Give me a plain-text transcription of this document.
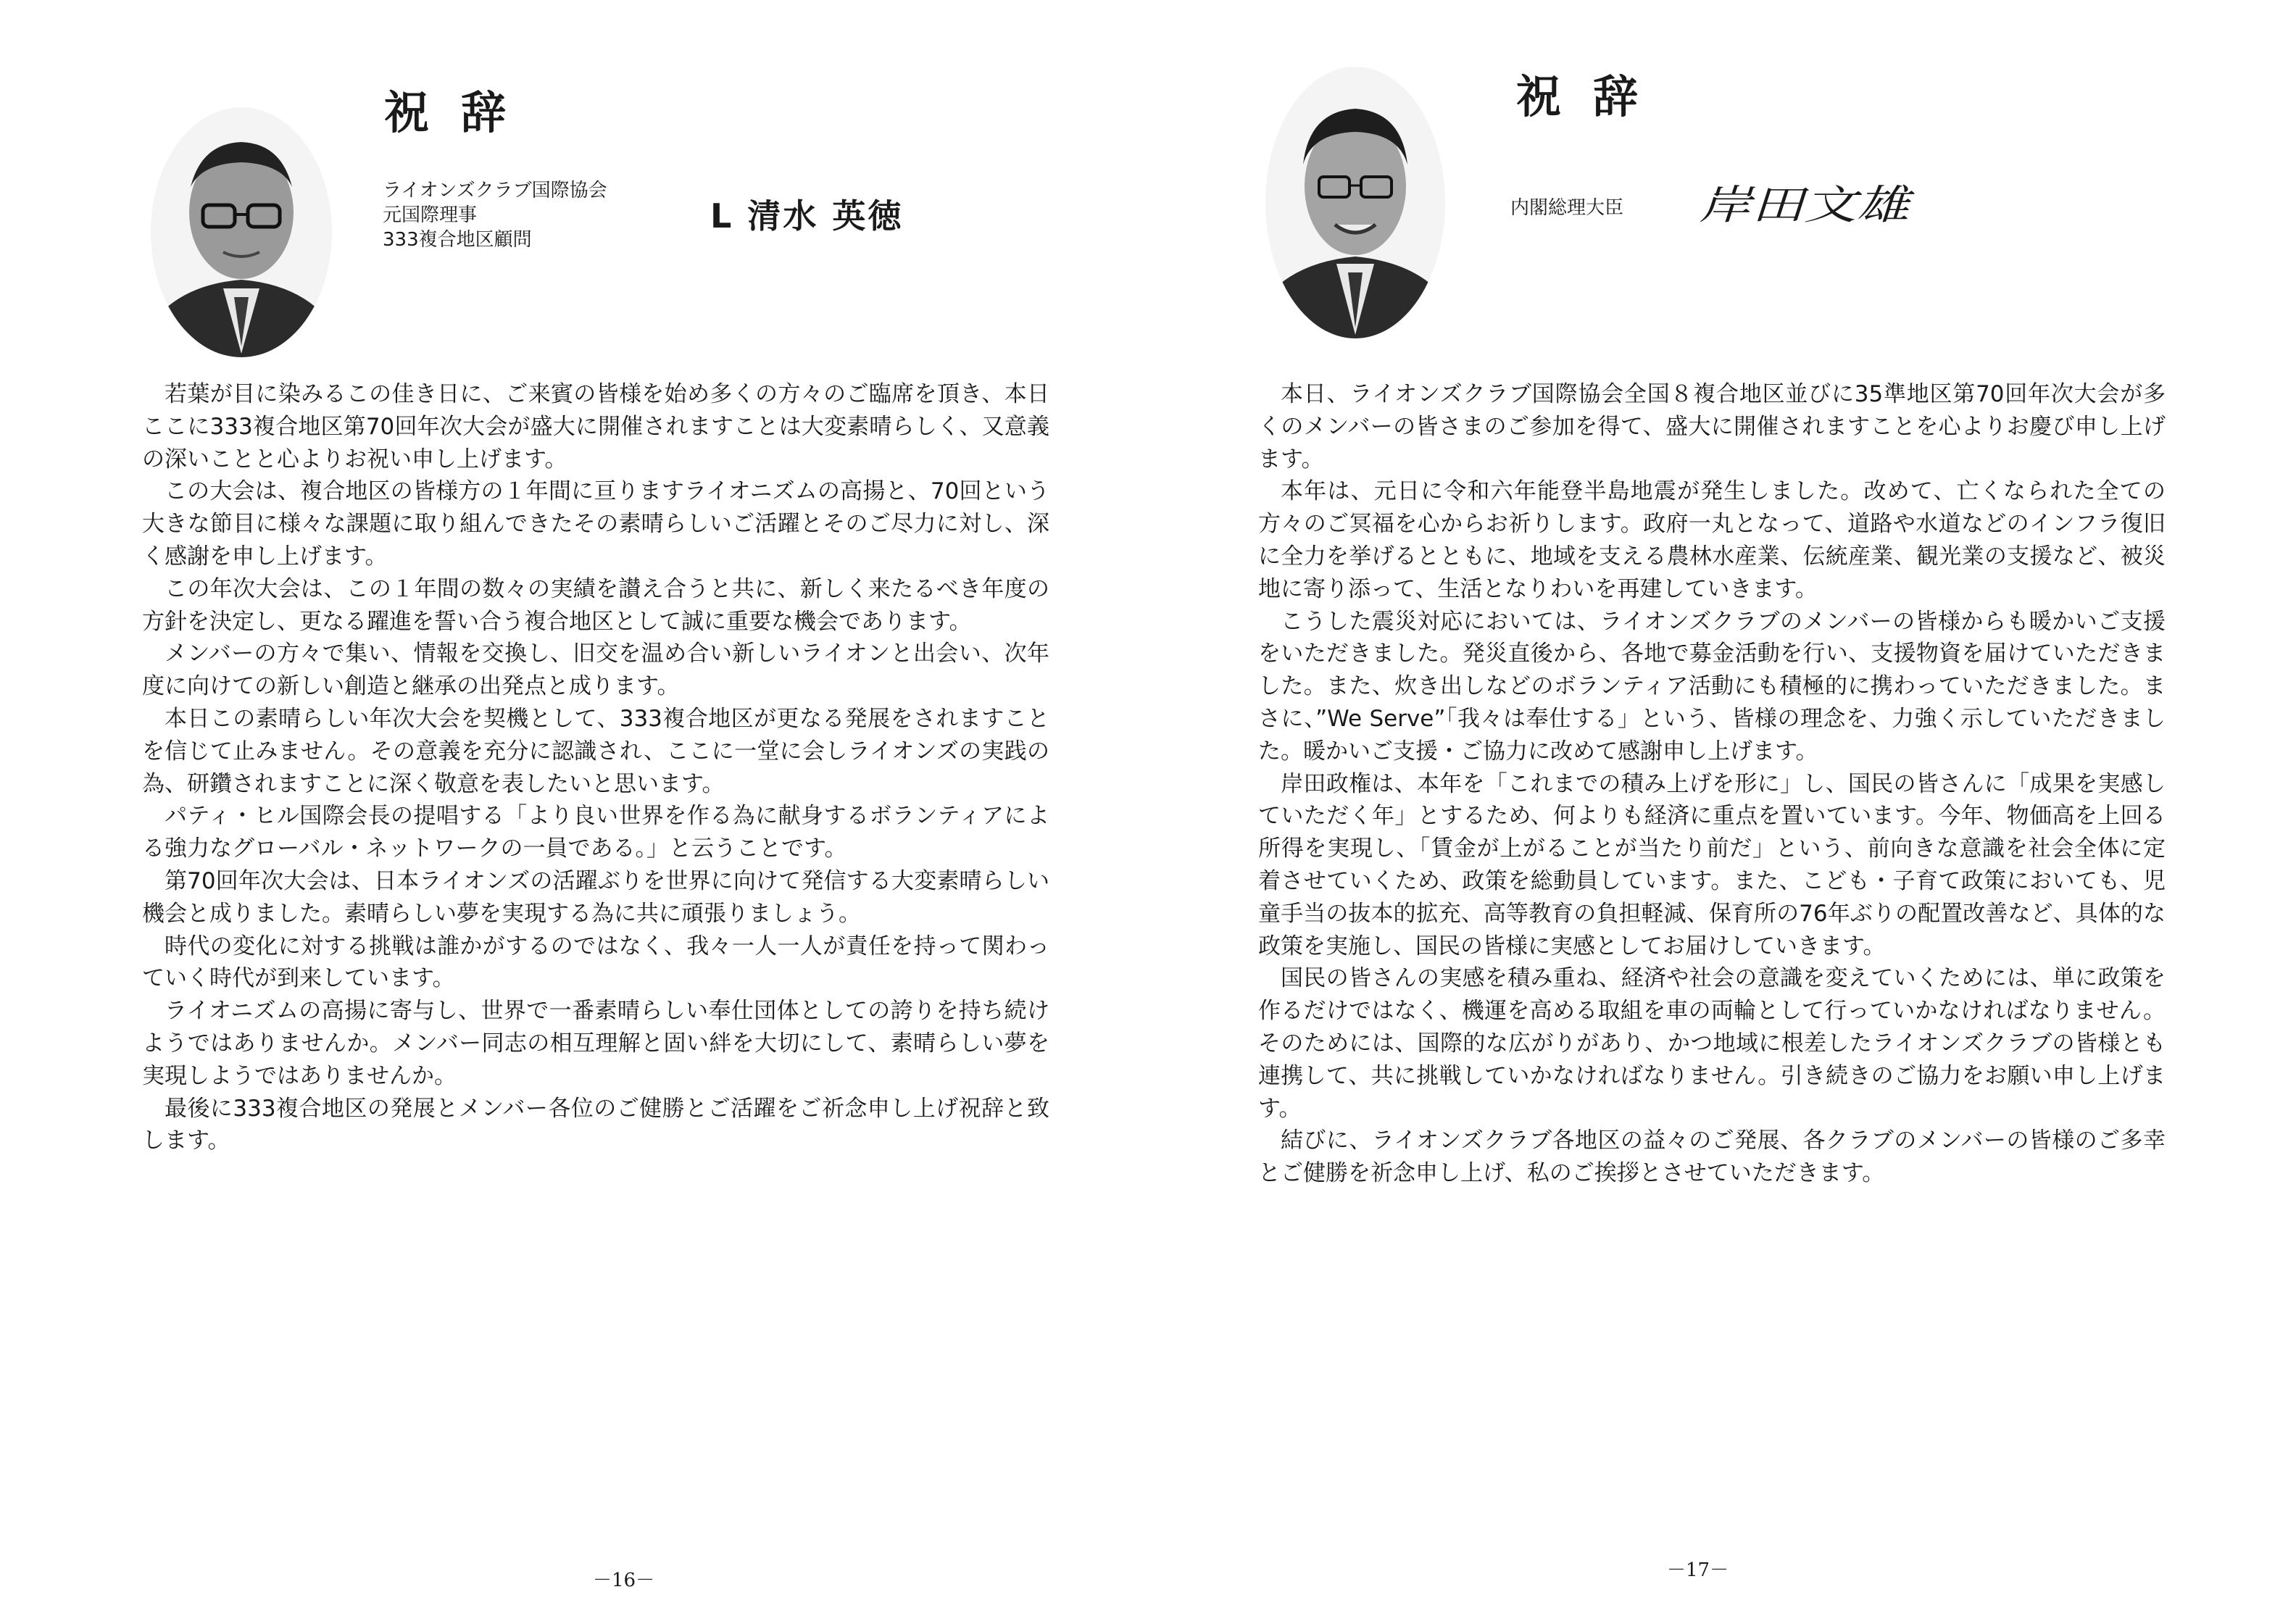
祝辞
ライオンズクラブ国際協会
元国際理事
333複合地区顧問
L 清水 英徳

若葉が目に染みるこの佳き日に、ご来賓の皆様を始め多くの方々のご臨席を頂き、本日ここに333複合地区第70回年次大会が盛大に開催されますことは大変素晴らしく、又意義の深いことと心よりお祝い申し上げます。

この大会は、複合地区の皆様方の１年間に亘りますライオニズムの高揚と、70回という大きな節目に様々な課題に取り組んできたその素晴らしいご活躍とそのご尽力に対し、深く感謝を申し上げます。

この年次大会は、この１年間の数々の実績を讃え合うと共に、新しく来たるべき年度の方針を決定し、更なる躍進を誓い合う複合地区として誠に重要な機会であります。

メンバーの方々で集い、情報を交換し、旧交を温め合い新しいライオンと出会い、次年度に向けての新しい創造と継承の出発点と成ります。

本日この素晴らしい年次大会を契機として、333複合地区が更なる発展をされますことを信じて止みません。その意義を充分に認識され、ここに一堂に会しライオンズの実践の為、研鑽されますことに深く敬意を表したいと思います。

パティ・ヒル国際会長の提唱する「より良い世界を作る為に献身するボランティアによる強力なグローバル・ネットワークの一員である。」と云うことです。

第70回年次大会は、日本ライオンズの活躍ぶりを世界に向けて発信する大変素晴らしい機会と成りました。素晴らしい夢を実現する為に共に頑張りましょう。

時代の変化に対する挑戦は誰かがするのではなく、我々一人一人が責任を持って関わっていく時代が到来しています。

ライオニズムの高揚に寄与し、世界で一番素晴らしい奉仕団体としての誇りを持ち続けようではありませんか。メンバー同志の相互理解と固い絆を大切にして、素晴らしい夢を実現しようではありませんか。

最後に333複合地区の発展とメンバー各位のご健勝とご活躍をご祈念申し上げ祝辞と致します。

－16－
祝辞
内閣総理大臣 岸田文雄

本日、ライオンズクラブ国際協会全国８複合地区並びに35準地区第70回年次大会が多くのメンバーの皆さまのご参加を得て、盛大に開催されますことを心よりお慶び申し上げます。

本年は、元日に令和六年能登半島地震が発生しました。改めて、亡くなられた全ての方々のご冥福を心からお祈りします。政府一丸となって、道路や水道などのインフラ復旧に全力を挙げるとともに、地域を支える農林水産業、伝統産業、観光業の支援など、被災地に寄り添って、生活となりわいを再建していきます。

こうした震災対応においては、ライオンズクラブのメンバーの皆様からも暖かいご支援をいただきました。発災直後から、各地で募金活動を行い、支援物資を届けていただきました。また、炊き出しなどのボランティア活動にも積極的に携わっていただきました。まさに、”We Serve”「我々は奉仕する」という、皆様の理念を、力強く示していただきました。暖かいご支援・ご協力に改めて感謝申し上げます。

岸田政権は、本年を「これまでの積み上げを形に」し、国民の皆さんに「成果を実感していただく年」とするため、何よりも経済に重点を置いています。今年、物価高を上回る所得を実現し、「賃金が上がることが当たり前だ」という、前向きな意識を社会全体に定着させていくため、政策を総動員しています。また、こども・子育て政策においても、児童手当の抜本的拡充、高等教育の負担軽減、保育所の76年ぶりの配置改善など、具体的な政策を実施し、国民の皆様に実感としてお届けしていきます。

国民の皆さんの実感を積み重ね、経済や社会の意識を変えていくためには、単に政策を作るだけではなく、機運を高める取組を車の両輪として行っていかなければなりません。そのためには、国際的な広がりがあり、かつ地域に根差したライオンズクラブの皆様とも連携して、共に挑戦していかなければなりません。引き続きのご協力をお願い申し上げます。

結びに、ライオンズクラブ各地区の益々のご発展、各クラブのメンバーの皆様のご多幸とご健勝を祈念申し上げ、私のご挨拶とさせていただきます。

－17－
